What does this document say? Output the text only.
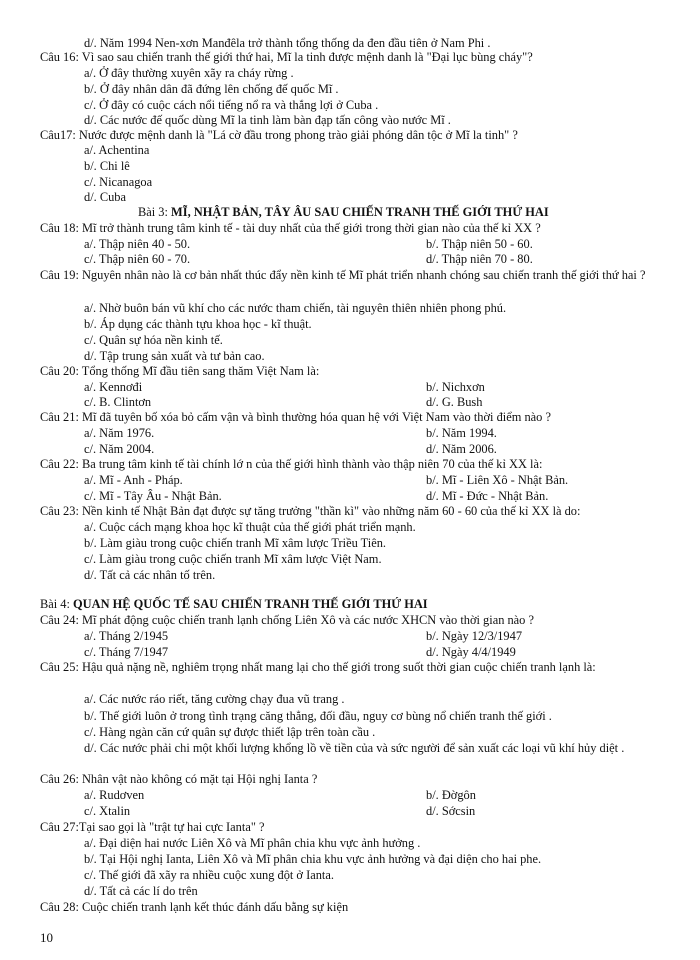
d/. Năm 1994 Nen-xơn Manđêla trở thành tổng thống da đen đầu tiên ở Nam Phi .
Câu 16: Vì sao sau chiến tranh thế giới thứ hai, Mĩ la tinh được mệnh danh là "Đại lục bùng cháy"?
a/. Ở đây thường xuyên xãy ra cháy rừng .
b/. Ở đây nhân dân đã đứng lên chống đế quốc Mĩ .
c/. Ở đây có cuộc cách nổi tiếng nổ ra và thắng lợi ở Cuba .
d/. Các nước đế quốc dùng Mĩ la tinh làm bàn đạp tấn công vào nước Mĩ .
Câu17: Nước được mệnh danh là "Lá cờ đầu trong phong trào giải phóng dân tộc ở Mĩ la tinh" ?
a/. Achentina
b/. Chi lê
c/. Nicanagoa
d/. Cuba
Bài 3: MĨ, NHẬT BẢN, TÂY ÂU SAU CHIẾN TRANH THẾ GIỚI THỨ HAI
Câu 18: Mĩ trở thành trung tâm kinh tế - tài duy nhất của thế giới trong thời gian nào của thế kỉ XX ?
a/. Thập niên 40 - 50.	b/. Thập niên 50 - 60.
c/. Thập niên 60 - 70.	d/. Thập niên 70 - 80.
Câu 19: Nguyên nhân nào là cơ bản nhất thúc đẩy nền kinh tế Mĩ phát triển nhanh chóng sau chiến tranh thế giới thứ hai ?
a/. Nhờ buôn bán vũ khí cho các nước tham chiến, tài nguyên thiên nhiên phong phú.
b/. Áp dụng các thành tựu khoa học - kĩ thuật.
c/. Quân sự hóa nền kinh tế.
d/. Tập trung sản xuất và tư bản cao.
Câu 20: Tổng thống Mĩ đầu tiên sang thăm Việt Nam là:
a/. Kennơđi	b/. Nichxơn
c/. B. Clintơn	d/. G. Bush
Câu 21: Mĩ đã tuyên bố xóa bỏ cấm vận và bình thường hóa quan hệ với Việt Nam vào thời điểm nào ?
a/. Năm 1976.	b/. Năm 1994.
c/. Năm 2004.	d/. Năm 2006.
Câu 22: Ba trung tâm kinh tế tài chính lớ n của thế giới hình thành vào thập niên 70 của thế kỉ XX là:
a/. Mĩ - Anh - Pháp.	b/. Mĩ - Liên Xô - Nhật Bản.
c/. Mĩ - Tây Âu - Nhật Bản.	d/. Mĩ - Đức - Nhật Bản.
Câu 23: Nền kinh tế Nhật Bản đạt được sự tăng trưởng "thần kì" vào những năm 60 - 60 của thế kỉ XX là do:
a/. Cuộc cách mạng khoa học kĩ thuật của thế giới phát triển mạnh.
b/. Làm giàu trong cuộc chiến tranh Mĩ xâm lược Triều Tiên.
c/. Làm giàu trong cuộc chiến tranh Mĩ xâm lược Việt Nam.
d/. Tất cả các nhân tố trên.
Bài 4: QUAN HỆ QUỐC TẾ SAU CHIẾN TRANH THẾ GIỚI THỨ HAI
Câu 24: Mĩ phát động cuộc chiến tranh lạnh chống Liên Xô và các nước XHCN vào thời gian nào ?
a/. Tháng 2/1945	b/. Ngày 12/3/1947
c/. Tháng 7/1947	d/. Ngày 4/4/1949
Câu 25: Hậu quả nặng nề, nghiêm trọng nhất mang lại cho thế giới trong suốt thời gian cuộc chiến tranh lạnh là:
a/. Các nước ráo riết, tăng cường chạy đua vũ trang .
b/. Thế giới luôn ở trong tình trạng căng thẳng, đối đầu, nguy cơ bùng nổ chiến tranh thế giới .
c/. Hàng ngàn căn cứ quân sự được thiết lập trên toàn cầu .
d/. Các nước phải chi một khối lượng khổng lồ về tiền của và sức người để sản xuất các loại vũ khí hủy diệt .
Câu 26: Nhân vật nào không có mặt tại Hội nghị Ianta ?
a/. Rudơven	b/. Đờgôn
c/. Xtalin	d/. Sớcsin
Câu 27:Tại sao gọi là "trật tự hai cực Ianta" ?
a/. Đại diện hai nước Liên Xô và Mĩ phân chia khu vực ảnh hưởng .
b/. Tại Hội nghị Ianta, Liên Xô và Mĩ phân chia khu vực ảnh hưởng và đại diện cho hai phe.
c/. Thế giới đã xãy ra nhiều cuộc xung đột ở Ianta.
d/. Tất cả các lí do trên
Câu 28: Cuộc chiến tranh lạnh kết thúc đánh dấu bằng sự kiện
10
